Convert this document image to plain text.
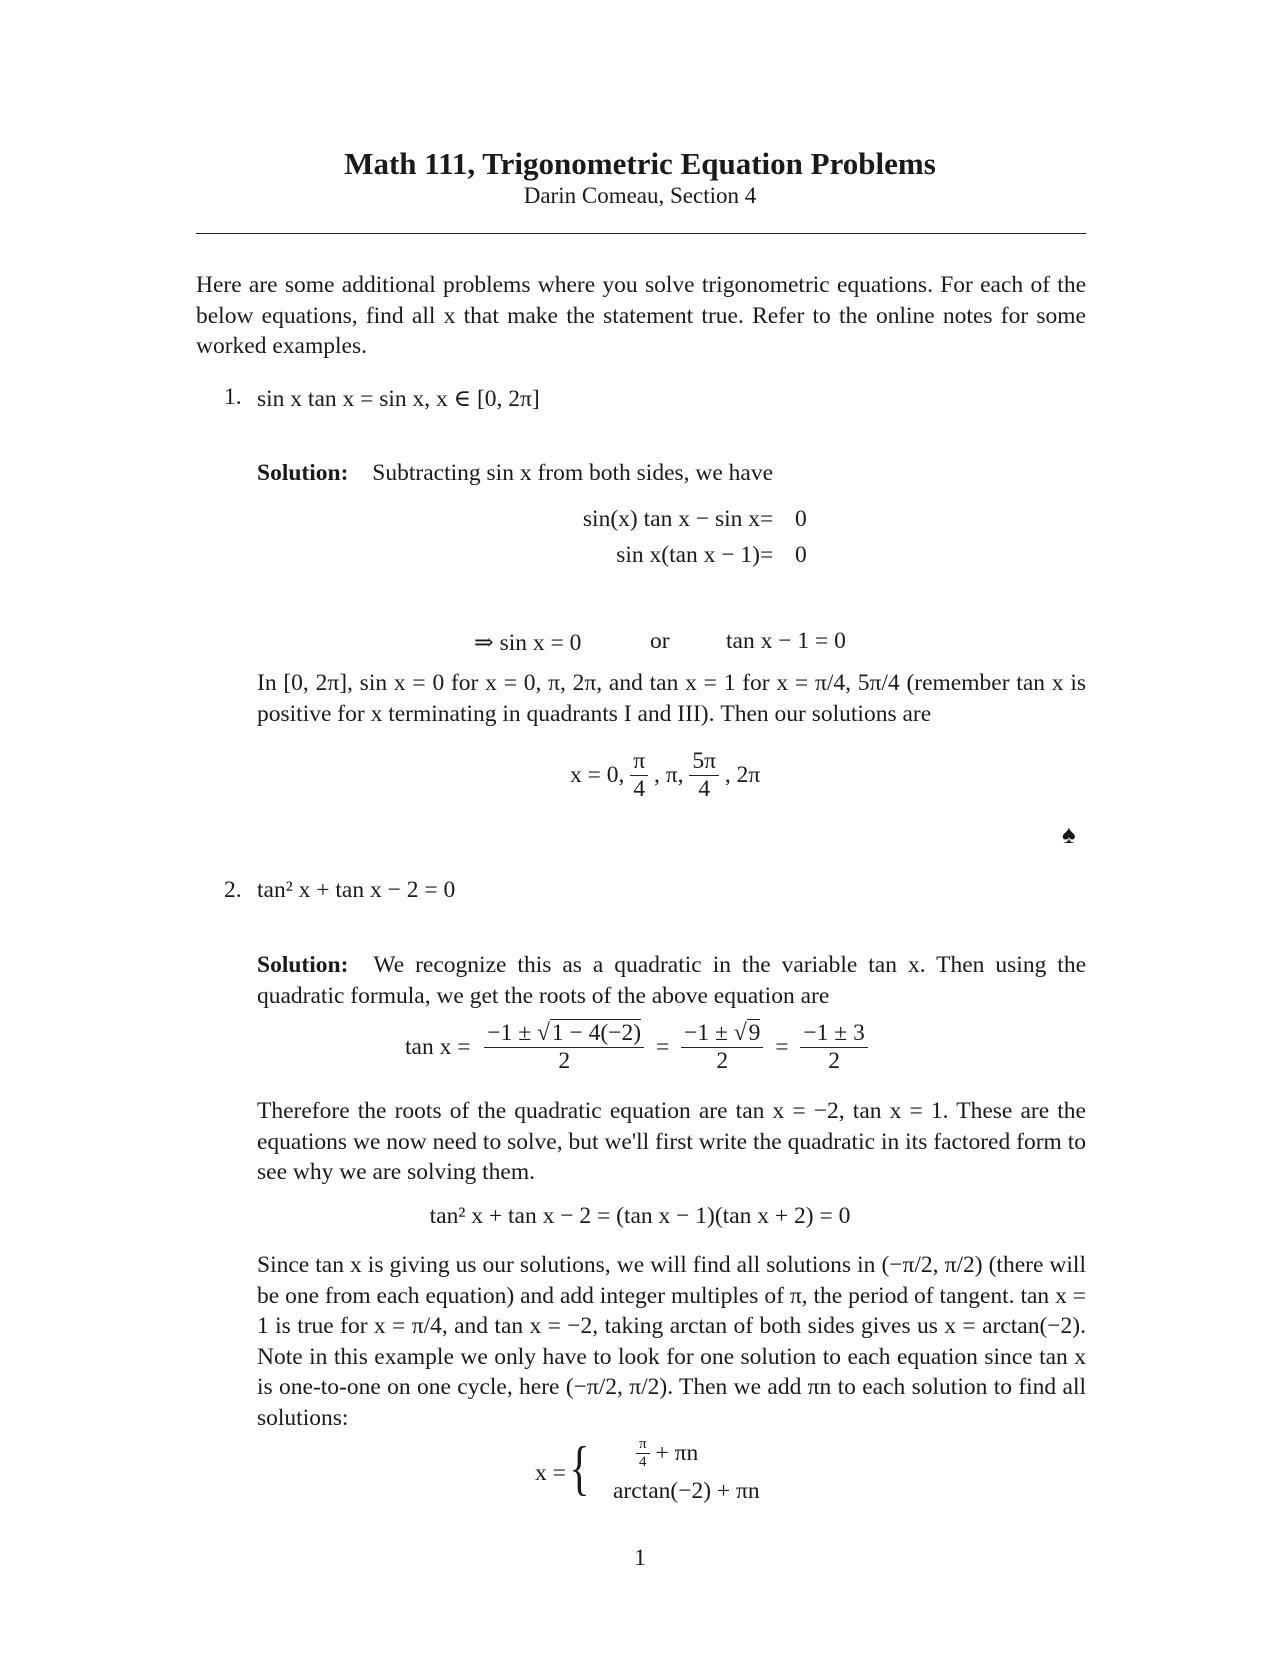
Math 111, Trigonometric Equation Problems
Darin Comeau, Section 4
Here are some additional problems where you solve trigonometric equations. For each of the below equations, find all x that make the statement true. Refer to the online notes for some worked examples.
1. sin x tan x = sin x, x ∈ [0, 2π]
Solution: Subtracting sin x from both sides, we have
sin(x) tan x − sin x = 0
sin x(tan x − 1) = 0
⇒ sin x = 0	or tan x − 1 = 0
In [0, 2π], sin x = 0 for x = 0, π, 2π, and tan x = 1 for x = π/4, 5π/4 (remember tan x is positive for x terminating in quadrants I and III). Then our solutions are
x = 0, $\frac{\pi}{4}$ , π, $\frac{5\pi}{4}$ , 2π
♠
2. tan² x + tan x − 2 = 0
Solution: We recognize this as a quadratic in the variable tan x. Then using the quadratic formula, we get the roots of the above equation are
$\tan x = \frac{-1 \pm √1 - 4(-2)}{2} = \frac{-1 \pm √9}{2} = \frac{-1 \pm 3}{2}$
Therefore the roots of the quadratic equation are tan x = −2, tan x = 1. These are the equations we now need to solve, but we'll first write the quadratic in its factored form to see why we are solving them.
tan² x + tan x − 2 = (tan x − 1)(tan x + 2) = 0
Since tan x is giving us our solutions, we will find all solutions in (−π/2, π/2) (there will be one from each equation) and add integer multiples of π, the period of tangent. tan x = 1 is true for x = π/4, and tan x = −2, taking arctan of both sides gives us x = arctan(−2). Note in this example we only have to look for one solution to each equation since tan x is one-to-one on one cycle, here (−π/2, π/2). Then we add πn to each solution to find all solutions:
x = {	$\frac{\pi}{4} + \pi n$
arctan(−2) + πn
1
